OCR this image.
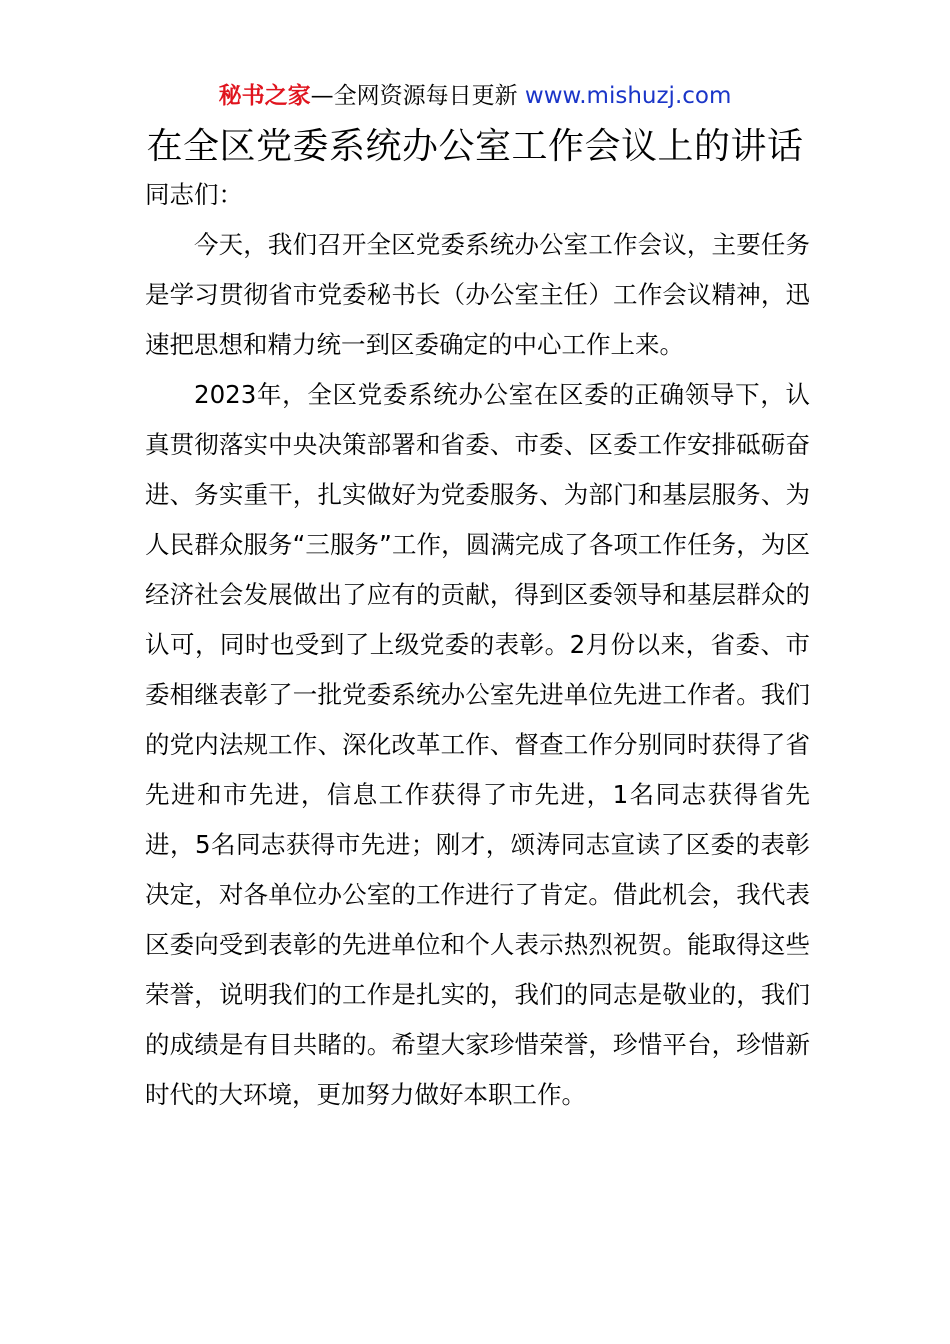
秘书之家—全网资源每日更新 www.mishuzj.com
在全区党委系统办公室工作会议上的讲话

同志们：

今天，我们召开全区党委系统办公室工作会议，主要任务是学习贯彻省市党委秘书长（办公室主任）工作会议精神，迅速把思想和精力统一到区委确定的中心工作上来。

2023年，全区党委系统办公室在区委的正确领导下，认真贯彻落实中央决策部署和省委、市委、区委工作安排砥砺奋进、务实重干，扎实做好为党委服务、为部门和基层服务、为人民群众服务“三服务”工作，圆满完成了各项工作任务，为区经济社会发展做出了应有的贡献，得到区委领导和基层群众的认可，同时也受到了上级党委的表彰。2月份以来，省委、市委相继表彰了一批党委系统办公室先进单位先进工作者。我们的党内法规工作、深化改革工作、督查工作分别同时获得了省先进和市先进，信息工作获得了市先进，1名同志获得省先进，5名同志获得市先进；刚才，颂涛同志宣读了区委的表彰决定，对各单位办公室的工作进行了肯定。借此机会，我代表区委向受到表彰的先进单位和个人表示热烈祝贺。能取得这些荣誉，说明我们的工作是扎实的，我们的同志是敬业的，我们的成绩是有目共睹的。希望大家珍惜荣誉，珍惜平台，珍惜新时代的大环境，更加努力做好本职工作。
